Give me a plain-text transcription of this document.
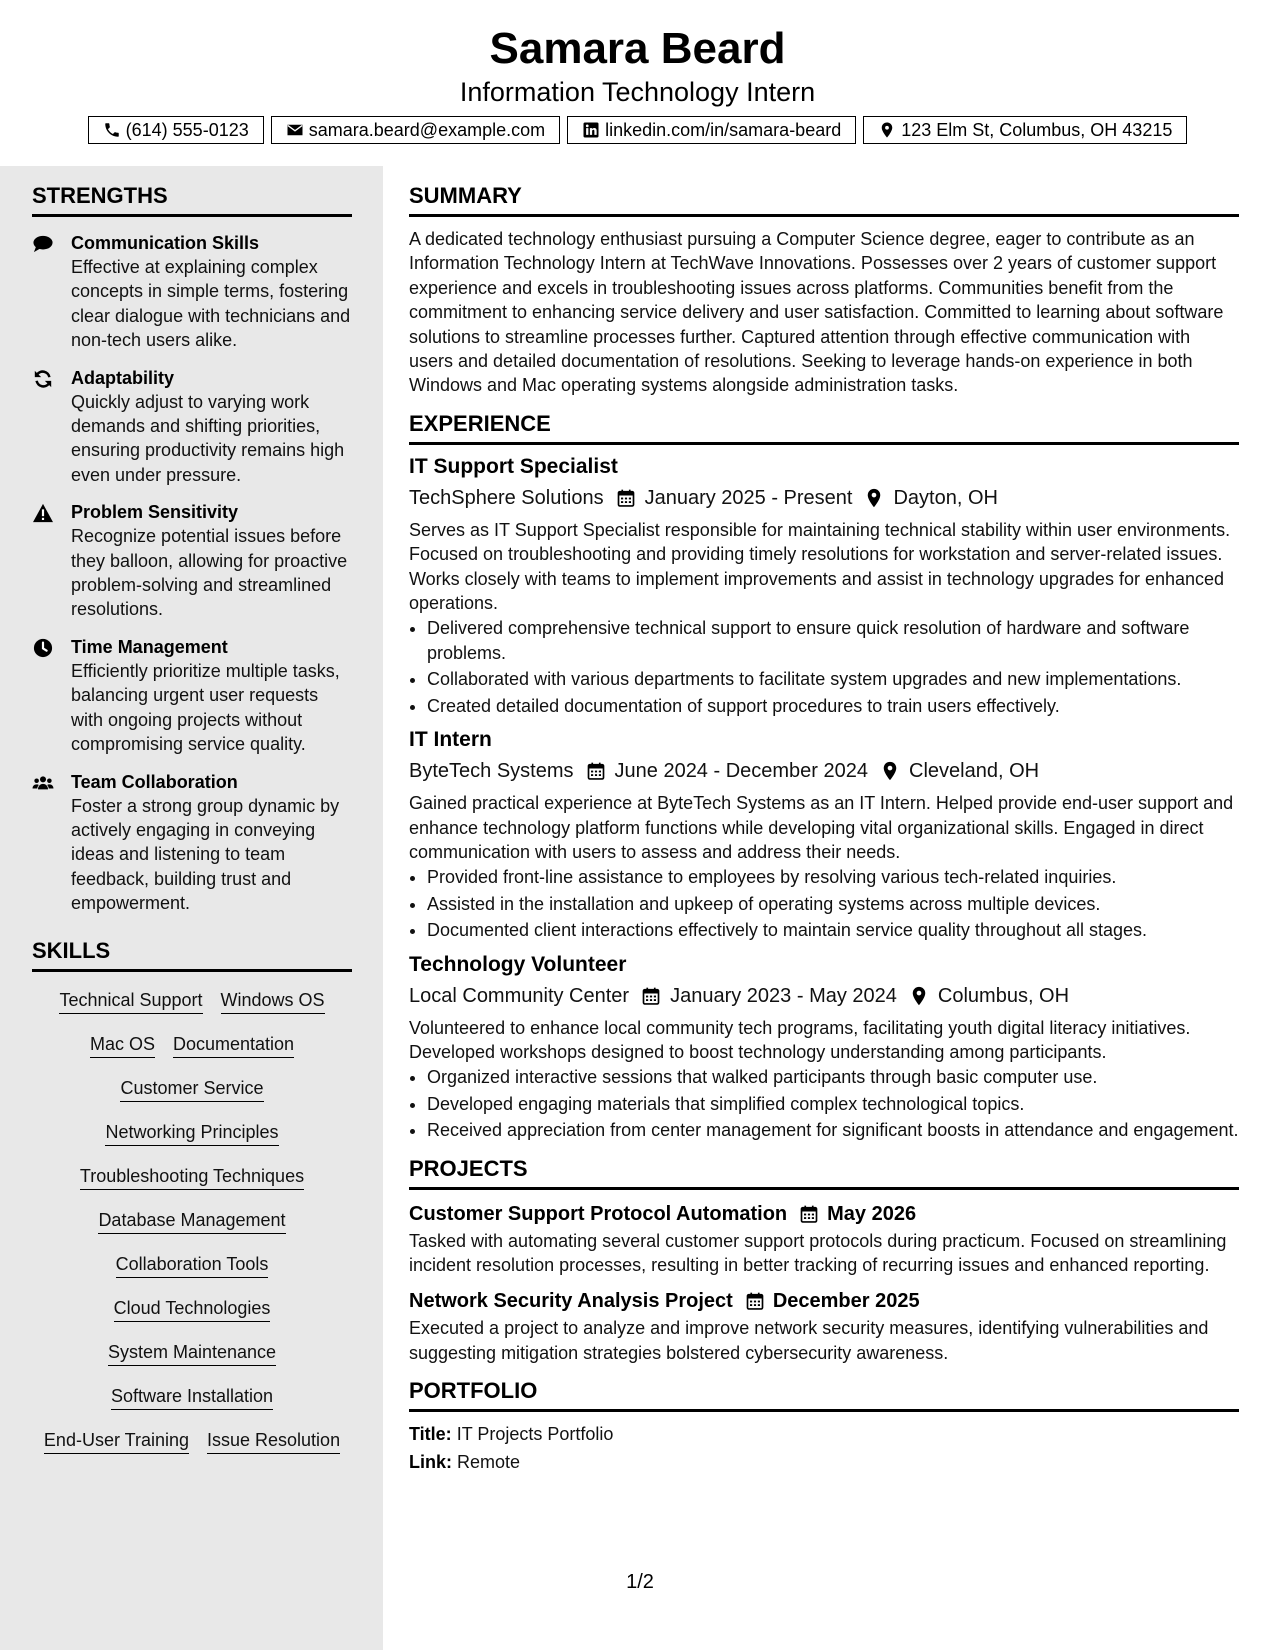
Samara Beard
Information Technology Intern
(614) 555-0123	samara.beard@example.com	linkedin.com/in/samara-beard	123 Elm St, Columbus, OH 43215
STRENGTHS
Communication Skills
Effective at explaining complex concepts in simple terms, fostering clear dialogue with technicians and non-tech users alike.
Adaptability
Quickly adjust to varying work demands and shifting priorities, ensuring productivity remains high even under pressure.
Problem Sensitivity
Recognize potential issues before they balloon, allowing for proactive problem-solving and streamlined resolutions.
Time Management
Efficiently prioritize multiple tasks, balancing urgent user requests with ongoing projects without compromising service quality.
Team Collaboration
Foster a strong group dynamic by actively engaging in conveying ideas and listening to team feedback, building trust and empowerment.
SKILLS
Technical Support Windows OS
Mac OS Documentation
Customer Service
Networking Principles
Troubleshooting Techniques
Database Management
Collaboration Tools
Cloud Technologies
System Maintenance
Software Installation
End-User Training Issue Resolution
SUMMARY
A dedicated technology enthusiast pursuing a Computer Science degree, eager to contribute as an Information Technology Intern at TechWave Innovations. Possesses over 2 years of customer support experience and excels in troubleshooting issues across platforms. Communities benefit from the commitment to enhancing service delivery and user satisfaction. Committed to learning about software solutions to streamline processes further. Captured attention through effective communication with users and detailed documentation of resolutions. Seeking to leverage hands-on experience in both Windows and Mac operating systems alongside administration tasks.
EXPERIENCE
IT Support Specialist
TechSphere Solutions January 2025 - Present Dayton, OH
Serves as IT Support Specialist responsible for maintaining technical stability within user environments. Focused on troubleshooting and providing timely resolutions for workstation and server-related issues. Works closely with teams to implement improvements and assist in technology upgrades for enhanced operations.
• Delivered comprehensive technical support to ensure quick resolution of hardware and software problems.
• Collaborated with various departments to facilitate system upgrades and new implementations.
• Created detailed documentation of support procedures to train users effectively.
IT Intern
ByteTech Systems June 2024 - December 2024 Cleveland, OH
Gained practical experience at ByteTech Systems as an IT Intern. Helped provide end-user support and enhance technology platform functions while developing vital organizational skills. Engaged in direct communication with users to assess and address their needs.
• Provided front-line assistance to employees by resolving various tech-related inquiries.
• Assisted in the installation and upkeep of operating systems across multiple devices.
• Documented client interactions effectively to maintain service quality throughout all stages.
Technology Volunteer
Local Community Center January 2023 - May 2024 Columbus, OH
Volunteered to enhance local community tech programs, facilitating youth digital literacy initiatives. Developed workshops designed to boost technology understanding among participants.
• Organized interactive sessions that walked participants through basic computer use.
• Developed engaging materials that simplified complex technological topics.
• Received appreciation from center management for significant boosts in attendance and engagement.
PROJECTS
Customer Support Protocol Automation May 2026
Tasked with automating several customer support protocols during practicum. Focused on streamlining incident resolution processes, resulting in better tracking of recurring issues and enhanced reporting.
Network Security Analysis Project December 2025
Executed a project to analyze and improve network security measures, identifying vulnerabilities and suggesting mitigation strategies bolstered cybersecurity awareness.
PORTFOLIO
Title: IT Projects Portfolio
Link: Remote
1/2
